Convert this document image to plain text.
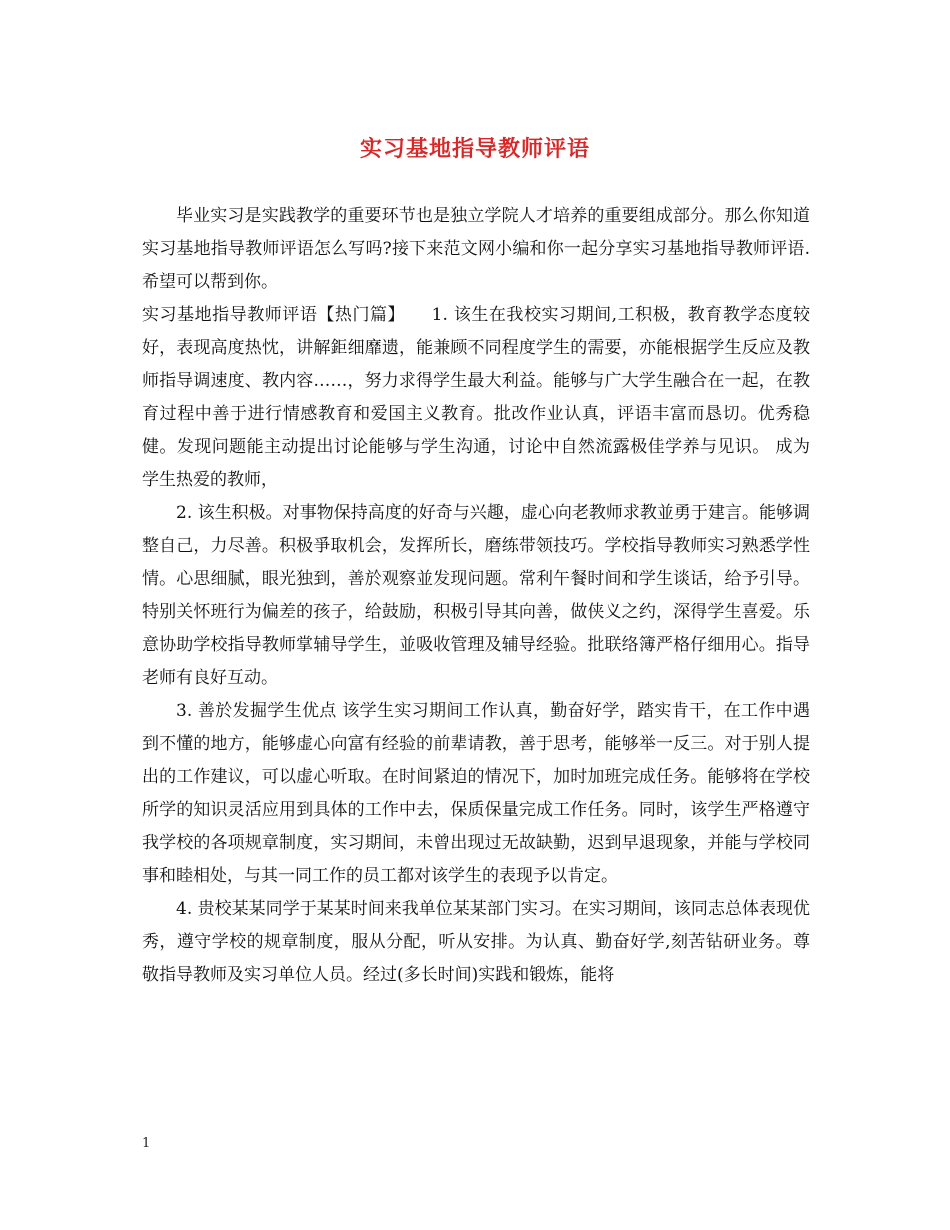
实习基地指导教师评语

毕业实习是实践教学的重要环节也是独立学院人才培养的重要组成部分。那么你知道实习基地指导教师评语怎么写吗?接下来范文网小编和你一起分享实习基地指导教师评语.希望可以帮到你。

实习基地指导教师评语【热门篇】　　1. 该生在我校实习期间,工积极，教育教学态度较好，表现高度热忱，讲解鉅细靡遗，能兼顾不同程度学生的需要，亦能根据学生反应及教师指导调速度、教内容……，努力求得学生最大利益。能够与广大学生融合在一起，在教育过程中善于进行情感教育和爱国主义教育。批改作业认真，评语丰富而恳切。优秀稳健。发现问题能主动提出讨论能够与学生沟通，讨论中自然流露极佳学养与见识。 成为学生热爱的教师，

2. 该生积极。对事物保持高度的好奇与兴趣，虚心向老教师求教並勇于建言。能够调整自己，力尽善。积极爭取机会，发挥所长，磨练带领技巧。学校指导教师实习熟悉学性情。心思细腻，眼光独到，善於观察並发现问题。常利午餐时间和学生谈话，给予引导。特别关怀班行为偏差的孩子，给鼓励，积极引导其向善，做侠义之约，深得学生喜爱。乐意协助学校指导教师掌辅导学生，並吸收管理及辅导经验。批联络簿严格仔细用心。指导老师有良好互动。

3. 善於发掘学生优点 该学生实习期间工作认真，勤奋好学，踏实肯干，在工作中遇到不懂的地方，能够虚心向富有经验的前辈请教，善于思考，能够举一反三。对于别人提出的工作建议，可以虚心听取。在时间紧迫的情况下，加时加班完成任务。能够将在学校所学的知识灵活应用到具体的工作中去，保质保量完成工作任务。同时，该学生严格遵守我学校的各项规章制度，实习期间，未曾出现过无故缺勤，迟到早退现象，并能与学校同事和睦相处，与其一同工作的员工都对该学生的表现予以肯定。

4. 贵校某某同学于某某时间来我单位某某部门实习。在实习期间，该同志总体表现优秀，遵守学校的规章制度，服从分配，听从安排。为认真、勤奋好学,刻苦钻研业务。尊敬指导教师及实习单位人员。经过(多长时间)实践和锻炼，能将

1
